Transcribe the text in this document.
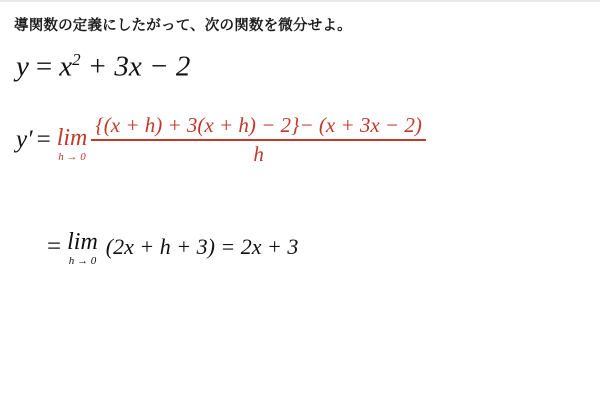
導関数の定義にしたがって、次の関数を微分せよ。
$y = x^2 + 3x - 2$
y′ = lim
$h \to 0 \frac{\{(x + h) + 3(x + h) - 2\}- (x + 3x - 2)}{h}$
= lim
h → 0
(2x + h + 3) = 2x + 3
